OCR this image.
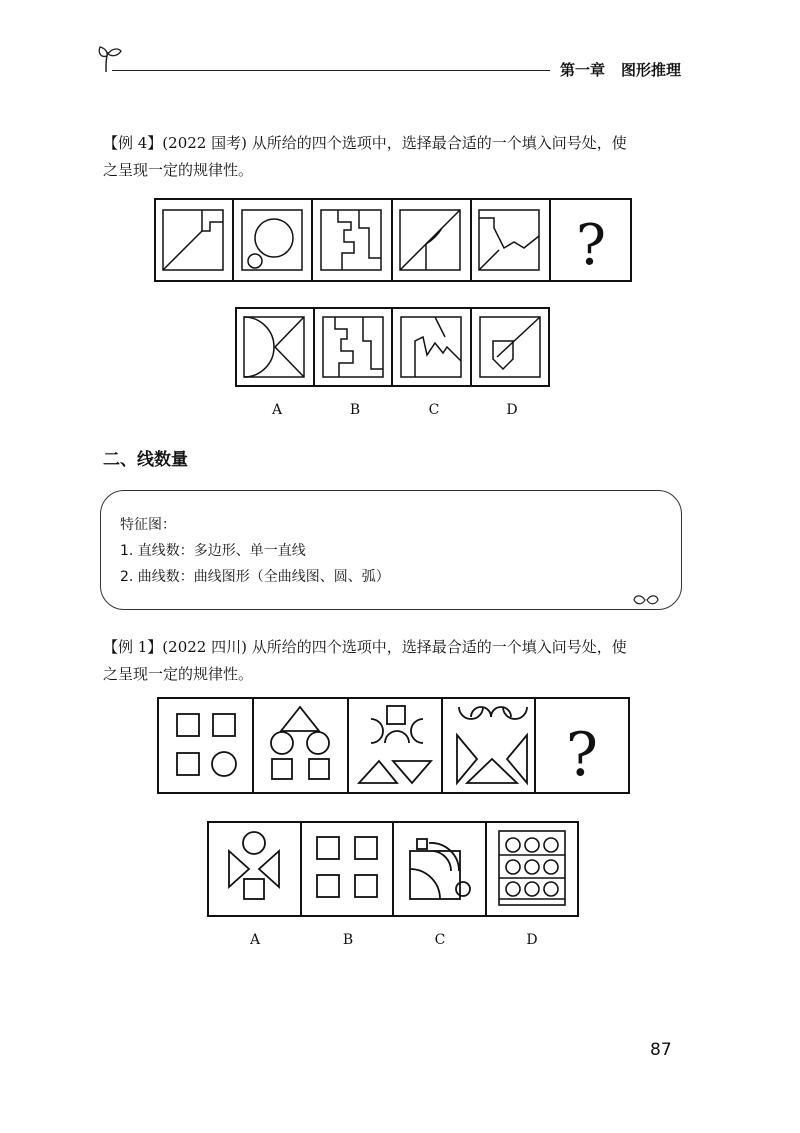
第一章 图形推理
【例 4】(2022 国考) 从所给的四个选项中，选择最合适的一个填入问号处，使
之呈现一定的规律性。
?
A	B	C	D
二、线数量
特征图：
1. 直线数：多边形、单一直线
2. 曲线数：曲线图形（全曲线图、圆、弧）
【例 1】(2022 四川) 从所给的四个选项中，选择最合适的一个填入问号处，使
之呈现一定的规律性。
?
A	B	C	D
87
